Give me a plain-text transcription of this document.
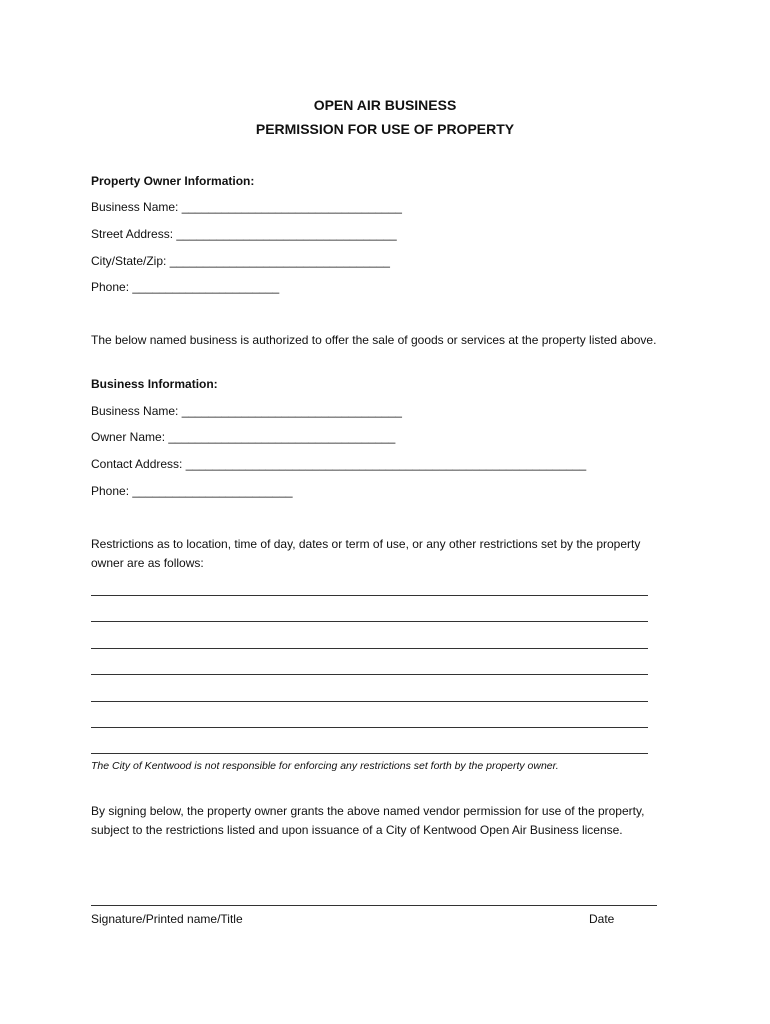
OPEN AIR BUSINESS
PERMISSION FOR USE OF PROPERTY
Property Owner Information:
Business Name: _________________________________
Street Address: _________________________________
City/State/Zip: _________________________________
Phone: ______________________
The below named business is authorized to offer the sale of goods or services at the property listed above.
Business Information:
Business Name: _________________________________
Owner Name: __________________________________
Contact Address: ____________________________________________________________
Phone: ________________________
Restrictions as to location, time of day, dates or term of use, or any other restrictions set by the property owner are as follows:
The City of Kentwood is not responsible for enforcing any restrictions set forth by the property owner.
By signing below, the property owner grants the above named vendor permission for use of the property, subject to the restrictions listed and upon issuance of a City of Kentwood Open Air Business license.
Signature/Printed name/Title	Date
